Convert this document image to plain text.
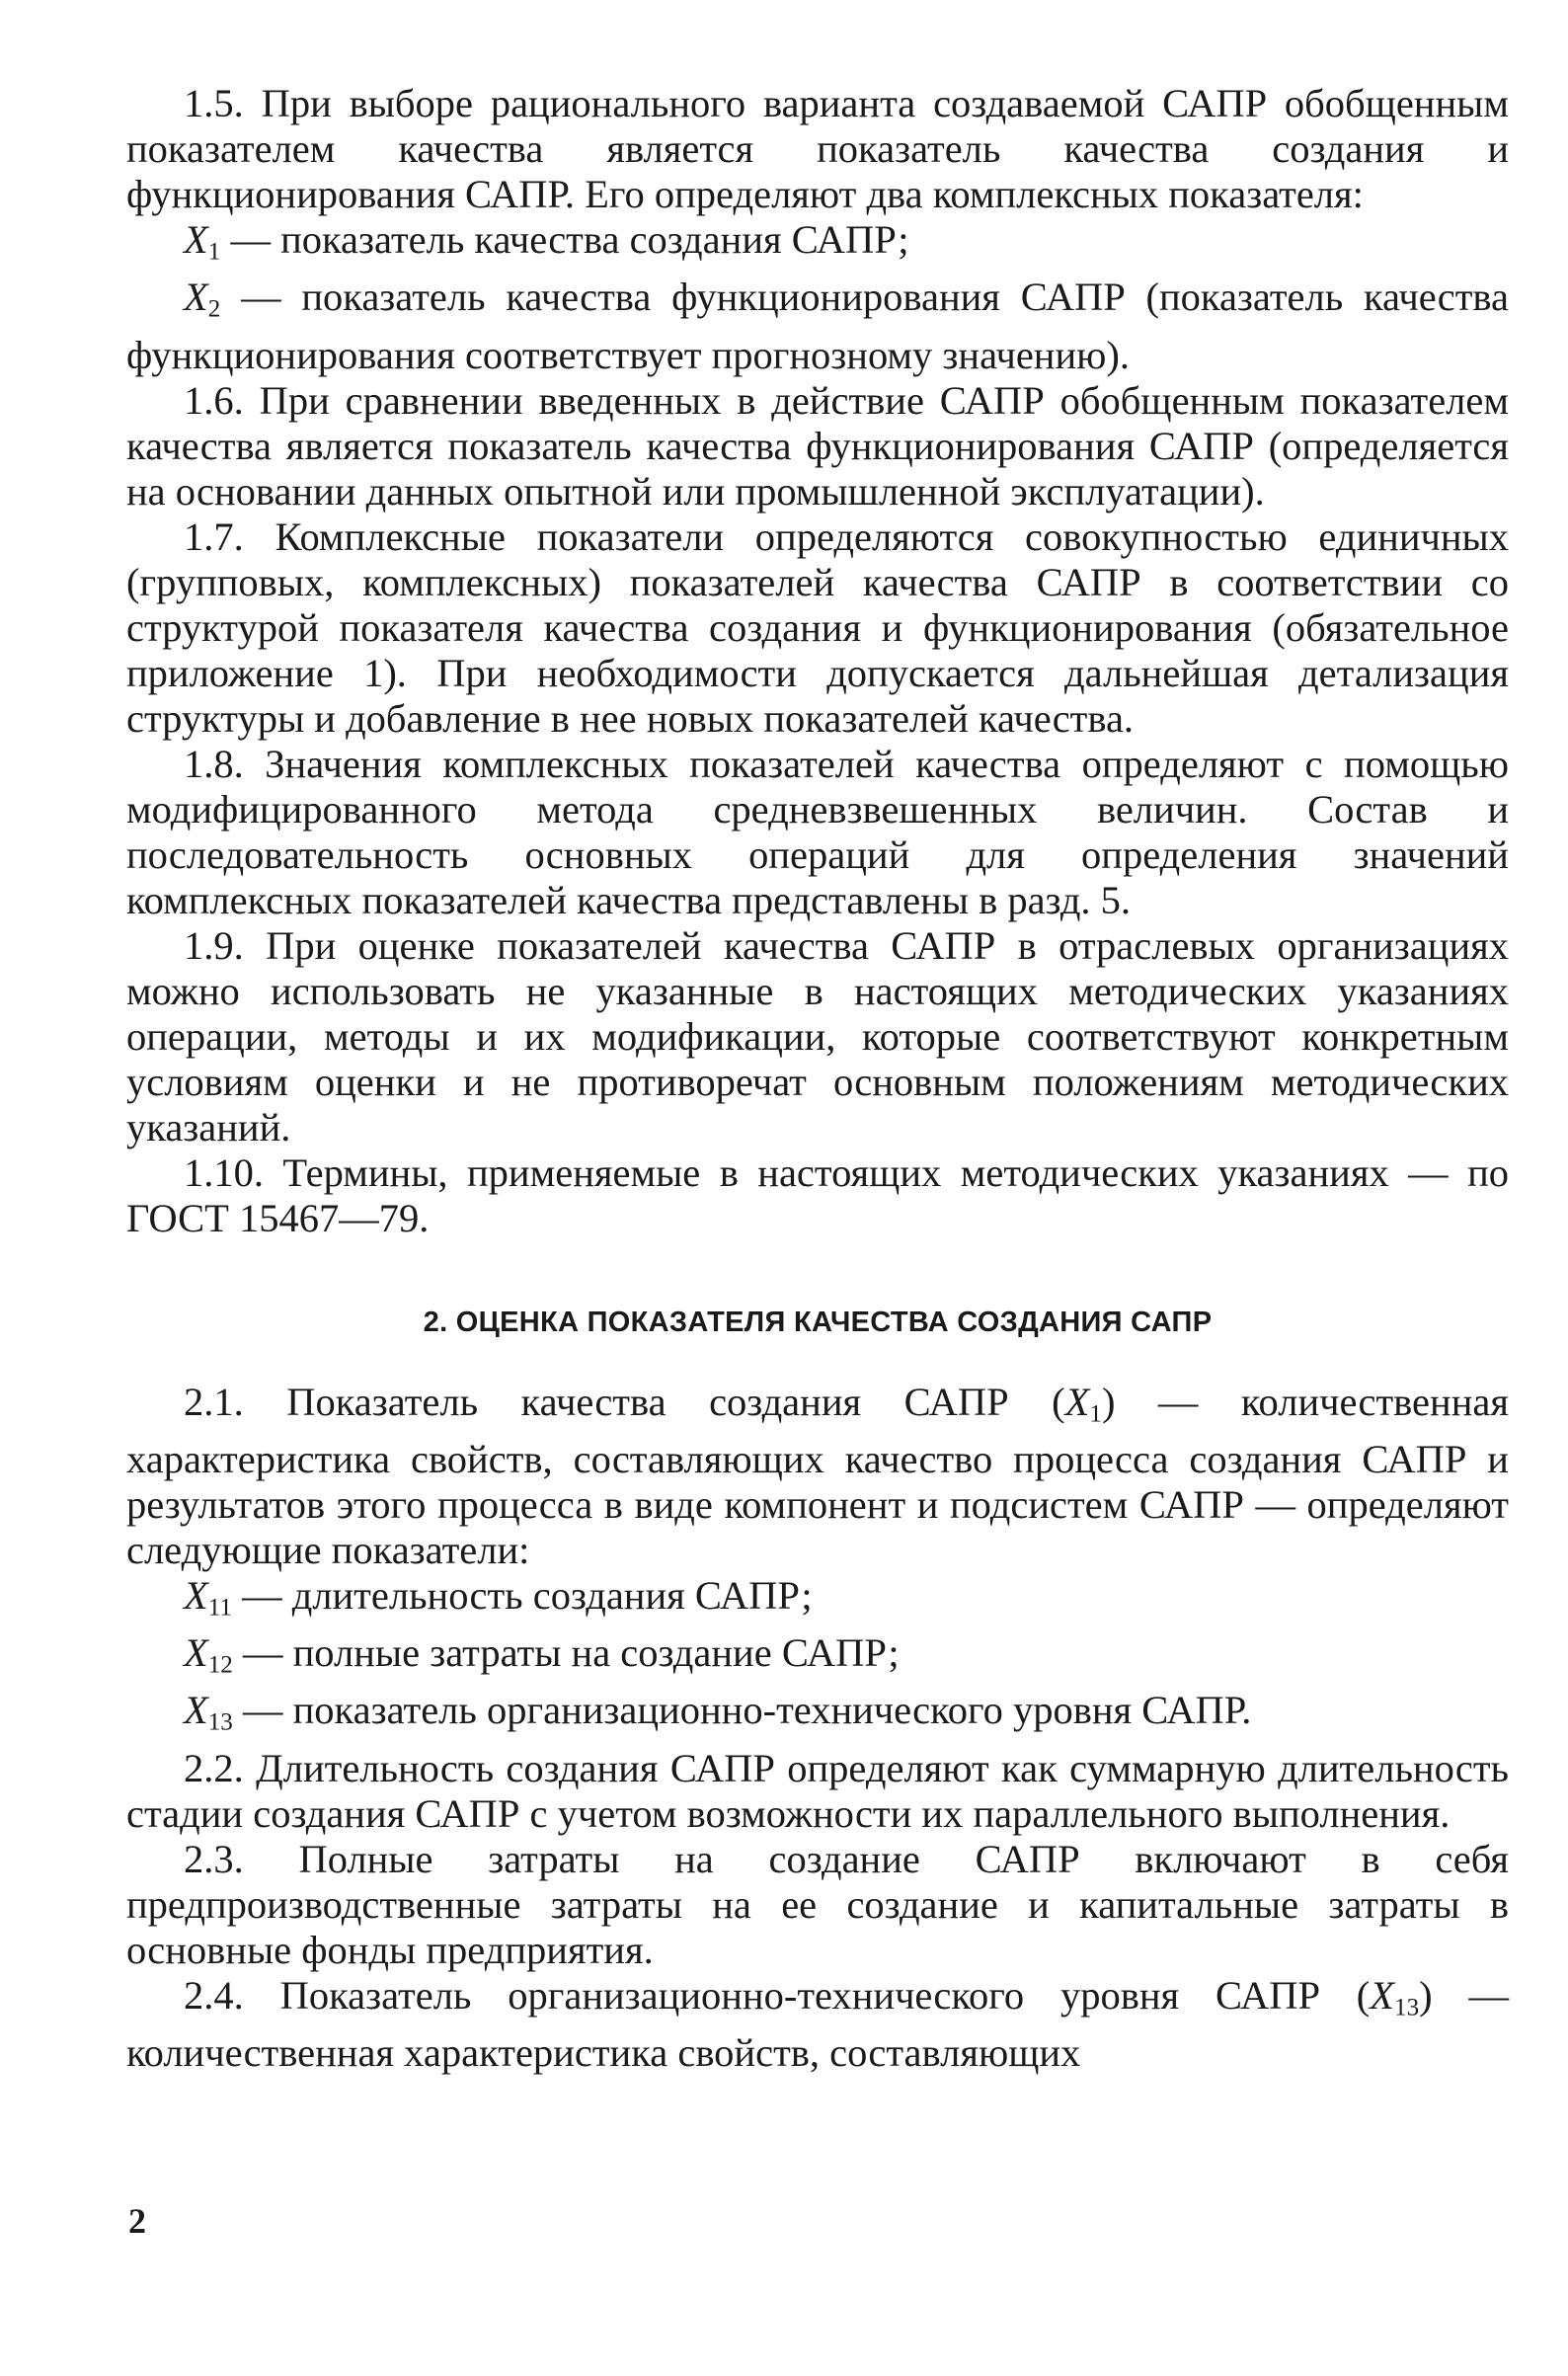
1.5. При выборе рационального варианта создаваемой САПР обобщенным показателем качества является показатель качества создания и функционирования САПР. Его определяют два комплексных показателя:

$X_1$ — показатель качества создания САПР;

$X_2$ — показатель качества функционирования САПР (показатель качества функционирования соответствует прогнозному значению).

1.6. При сравнении введенных в действие САПР обобщенным показателем качества является показатель качества функционирования САПР (определяется на основании данных опытной или промышленной эксплуатации).

1.7. Комплексные показатели определяются совокупностью единичных (групповых, комплексных) показателей качества САПР в соответствии со структурой показателя качества создания и функционирования (обязательное приложение 1). При необходимости допускается дальнейшая детализация структуры и добавление в нее новых показателей качества.

1.8. Значения комплексных показателей качества определяют с помощью модифицированного метода средневзвешенных величин. Состав и последовательность основных операций для определения значений комплексных показателей качества представлены в разд. 5.

1.9. При оценке показателей качества САПР в отраслевых организациях можно использовать не указанные в настоящих методических указаниях операции, методы и их модификации, которые соответствуют конкретным условиям оценки и не противоречат основным положениям методических указаний.

1.10. Термины, применяемые в настоящих методических указаниях — по ГОСТ 15467—79.

2. ОЦЕНКА ПОКАЗАТЕЛЯ КАЧЕСТВА СОЗДАНИЯ САПР

2.1. Показатель качества создания САПР $(X_1)$ — количественная характеристика свойств, составляющих качество процесса создания САПР и результатов этого процесса в виде компонент и подсистем САПР — определяют следующие показатели:

$X_{11}$ — длительность создания САПР;

$X_{12}$ — полные затраты на создание САПР;

$X_{13}$ — показатель организационно-технического уровня САПР.

2.2. Длительность создания САПР определяют как суммарную длительность стадии создания САПР с учетом возможности их параллельного выполнения.

2.3. Полные затраты на создание САПР включают в себя предпроизводственные затраты на ее создание и капитальные затраты в основные фонды предприятия.

2.4. Показатель организационно-технического уровня САПР $(X_{13})$ — количественная характеристика свойств, составляющих

2
